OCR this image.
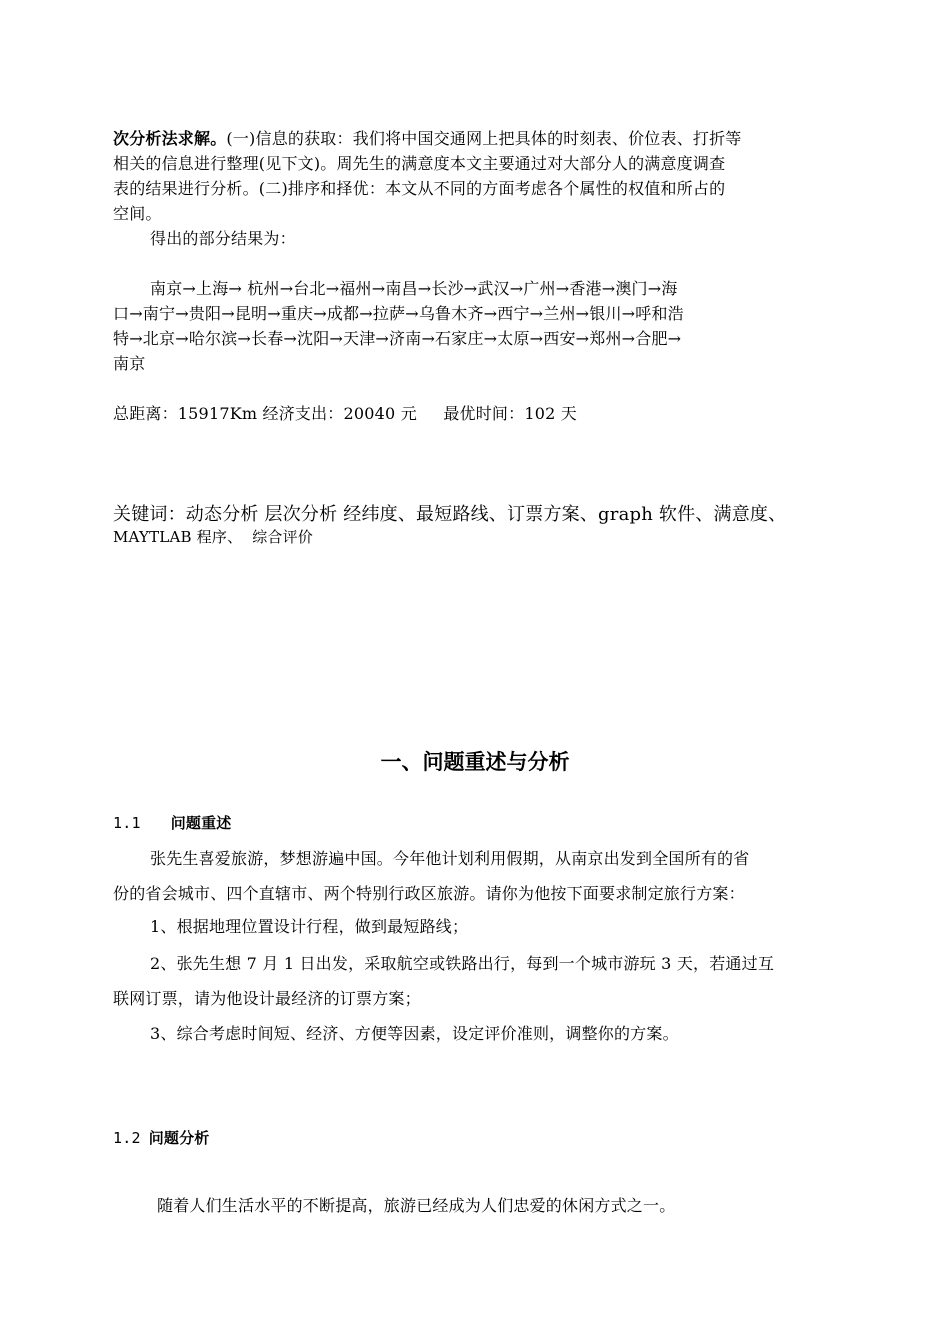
次分析法求解。(一)信息的获取：我们将中国交通网上把具体的时刻表、价位表、打折等
相关的信息进行整理(见下文)。周先生的满意度本文主要通过对大部分人的满意度调查
表的结果进行分析。(二)排序和择优：本文从不同的方面考虑各个属性的权值和所占的
空间。
得出的部分结果为：
南京→上海→ 杭州→台北→福州→南昌→长沙→武汉→广州→香港→澳门→海
口→南宁→贵阳→昆明→重庆→成都→拉萨→乌鲁木齐→西宁→兰州→银川→呼和浩
特→北京→哈尔滨→长春→沈阳→天津→济南→石家庄→太原→西安→郑州→合肥→
南京
总距离：15917Km 经济支出：20040 元     最优时间：102 天
关键词：动态分析 层次分析 经纬度、最短路线、订票方案、graph 软件、满意度、
MAYTLAB 程序、  综合评价
一、问题重述与分析
1.1 问题重述
张先生喜爱旅游，梦想游遍中国。今年他计划利用假期，从南京出发到全国所有的省
份的省会城市、四个直辖市、两个特别行政区旅游。请你为他按下面要求制定旅行方案：
1、根据地理位置设计行程，做到最短路线；
2、张先生想 7 月 1 日出发，采取航空或铁路出行，每到一个城市游玩 3 天，若通过互
联网订票，请为他设计最经济的订票方案；
3、综合考虑时间短、经济、方便等因素，设定评价准则，调整你的方案。
1.2 问题分析
随着人们生活水平的不断提高，旅游已经成为人们忠爱的休闲方式之一。
